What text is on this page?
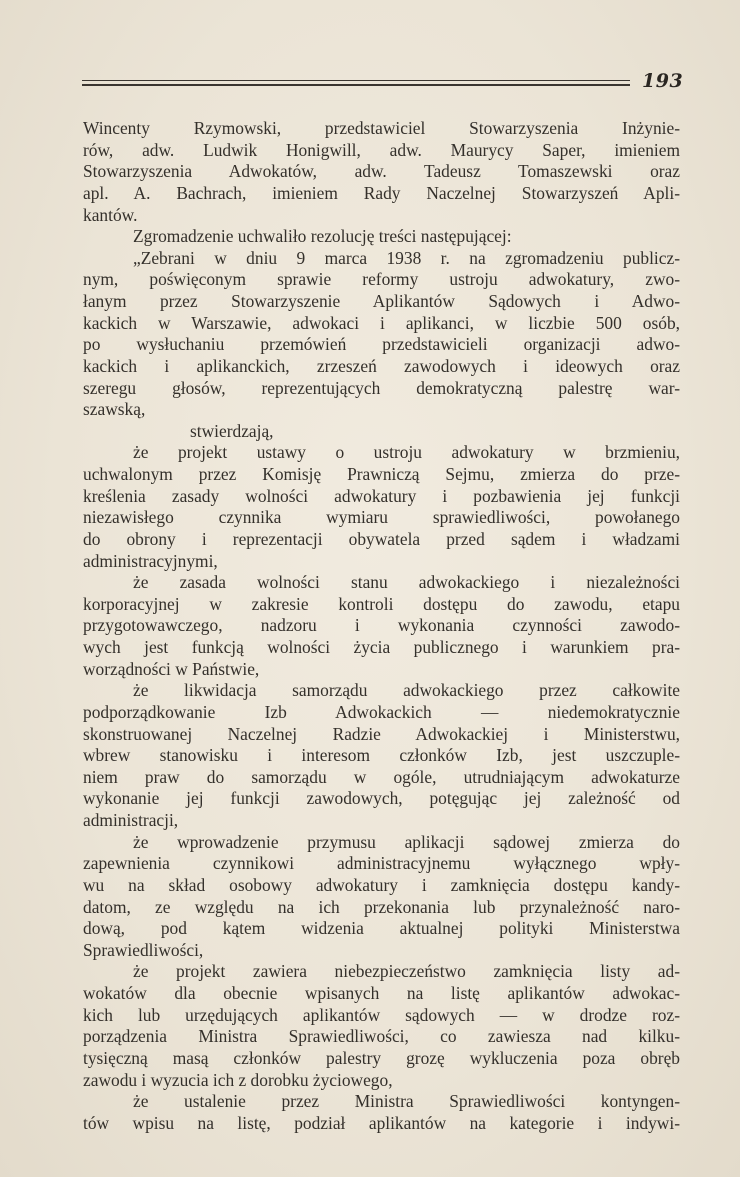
193
Wincenty Rzymowski, przedstawiciel Stowarzyszenia Inżynie-
rów, adw. Ludwik Honigwill, adw. Maurycy Saper, imieniem
Stowarzyszenia Adwokatów, adw. Tadeusz Tomaszewski oraz
apl. A. Bachrach, imieniem Rady Naczelnej Stowarzyszeń Apli-
kantów.
Zgromadzenie uchwaliło rezolucję treści następującej:
„Zebrani w dniu 9 marca 1938 r. na zgromadzeniu publicz-
nym, poświęconym sprawie reformy ustroju adwokatury, zwo-
łanym przez Stowarzyszenie Aplikantów Sądowych i Adwo-
kackich w Warszawie, adwokaci i aplikanci, w liczbie 500 osób,
po wysłuchaniu przemówień przedstawicieli organizacji adwo-
kackich i aplikanckich, zrzeszeń zawodowych i ideowych oraz
szeregu głosów, reprezentujących demokratyczną palestrę war-
szawską,
stwierdzają,
że projekt ustawy o ustroju adwokatury w brzmieniu,
uchwalonym przez Komisję Prawniczą Sejmu, zmierza do prze-
kreślenia zasady wolności adwokatury i pozbawienia jej funkcji
niezawisłego czynnika wymiaru sprawiedliwości, powołanego
do obrony i reprezentacji obywatela przed sądem i władzami
administracyjnymi,
że zasada wolności stanu adwokackiego i niezależności
korporacyjnej w zakresie kontroli dostępu do zawodu, etapu
przygotowawczego, nadzoru i wykonania czynności zawodo-
wych jest funkcją wolności życia publicznego i warunkiem pra-
worządności w Państwie,
że likwidacja samorządu adwokackiego przez całkowite
podporządkowanie Izb Adwokackich — niedemokratycznie
skonstruowanej Naczelnej Radzie Adwokackiej i Ministerstwu,
wbrew stanowisku i interesom członków Izb, jest uszczuple-
niem praw do samorządu w ogóle, utrudniającym adwokaturze
wykonanie jej funkcji zawodowych, potęgując jej zależność od
administracji,
że wprowadzenie przymusu aplikacji sądowej zmierza do
zapewnienia czynnikowi administracyjnemu wyłącznego wpły-
wu na skład osobowy adwokatury i zamknięcia dostępu kandy-
datom, ze względu na ich przekonania lub przynależność naro-
dową, pod kątem widzenia aktualnej polityki Ministerstwa
Sprawiedliwości,
że projekt zawiera niebezpieczeństwo zamknięcia listy ad-
wokatów dla obecnie wpisanych na listę aplikantów adwokac-
kich lub urzędujących aplikantów sądowych — w drodze roz-
porządzenia Ministra Sprawiedliwości, co zawiesza nad kilku-
tysięczną masą członków palestry grozę wykluczenia poza obręb
zawodu i wyzucia ich z dorobku życiowego,
że ustalenie przez Ministra Sprawiedliwości kontyngen-
tów wpisu na listę, podział aplikantów na kategorie i indywi-
